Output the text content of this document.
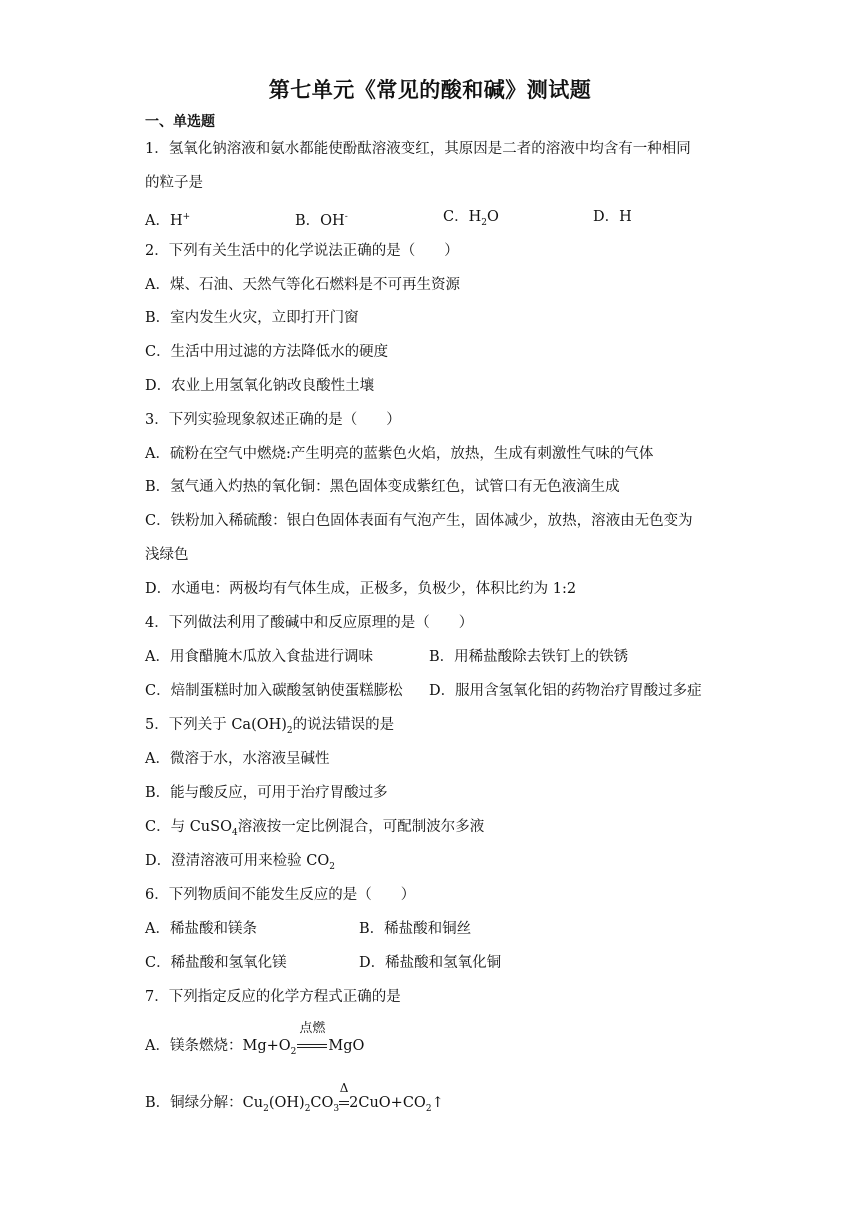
第七单元《常见的酸和碱》测试题
一、单选题
1．氢氧化钠溶液和氨水都能使酚酞溶液变红，其原因是二者的溶液中均含有一种相同
的粒子是
A．H+	B．OH-	C．$H_2O$	D．H
2．下列有关生活中的化学说法正确的是（　　）
A．煤、石油、天然气等化石燃料是不可再生资源
B．室内发生火灾，立即打开门窗
C．生活中用过滤的方法降低水的硬度
D．农业上用氢氧化钠改良酸性土壤
3．下列实验现象叙述正确的是（　　）
A．硫粉在空气中燃烧:产生明亮的蓝紫色火焰，放热，生成有刺激性气味的气体
B．氢气通入灼热的氧化铜：黑色固体变成紫红色，试管口有无色液滴生成
C．铁粉加入稀硫酸：银白色固体表面有气泡产生，固体减少，放热，溶液由无色变为
浅绿色
D．水通电：两极均有气体生成，正极多，负极少，体积比约为 1:2
4．下列做法利用了酸碱中和反应原理的是（　　）
A．用食醋腌木瓜放入食盐进行调味	B．用稀盐酸除去铁钉上的铁锈
C．焙制蛋糕时加入碳酸氢钠使蛋糕膨松 D．服用含氢氧化铝的药物治疗胃酸过多症
5．下列关于 $Ca(OH)_2$的说法错误的是
A．微溶于水，水溶液呈碱性
B．能与酸反应，可用于治疗胃酸过多
C．与 CuSO$_4$溶液按一定比例混合，可配制波尔多液
D．澄清溶液可用来检验 $CO_2$
6．下列物质间不能发生反应的是（　　）
A．稀盐酸和镁条	B．稀盐酸和铜丝
C．稀盐酸和氢氧化镁	D．稀盐酸和氢氧化铜
7．下列指定反应的化学方程式正确的是
A．镁条燃烧：$Mg+O_2$
点燃
MgO
B．铜绿分解：$Cu_2(OH)_2CO_3$
Δ
$2CuO+CO_2↑$
